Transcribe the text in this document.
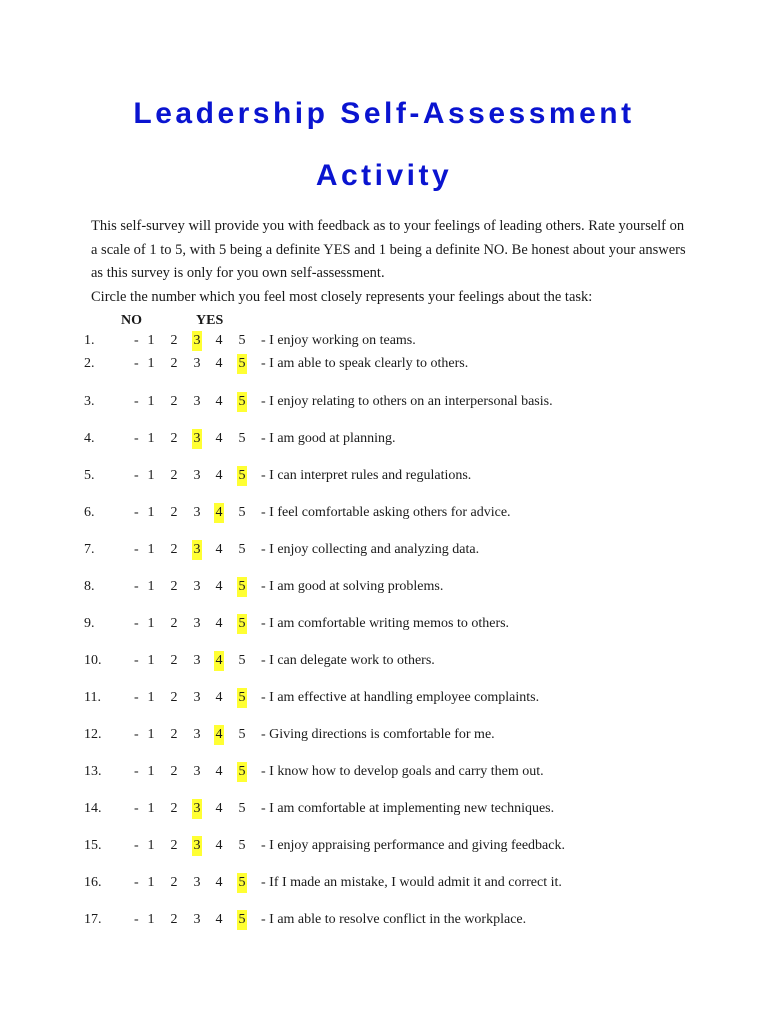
Leadership Self-Assessment
Activity

This self-survey will provide you with feedback as to your feelings of leading others. Rate yourself on a scale of 1 to 5, with 5 being a definite YES and 1 being a definite NO. Be honest about your answers as this survey is only for you own self-assessment.

Circle the number which you feel most closely represents your feelings about the task:

NO	YES
1.	- 1 2 3 4 5 - I enjoy working on teams.
2.	- 1 2 3 4 5 - I am able to speak clearly to others.
3.	- 1 2 3 4 5 - I enjoy relating to others on an interpersonal basis.
4.	- 1 2 3 4 5 - I am good at planning.
5.	- 1 2 3 4 5 - I can interpret rules and regulations.
6.	- 1 2 3 4 5 - I feel comfortable asking others for advice.
7.	- 1 2 3 4 5 - I enjoy collecting and analyzing data.
8.	- 1 2 3 4 5 - I am good at solving problems.
9.	- 1 2 3 4 5 - I am comfortable writing memos to others.
10. - 1 2 3 4 5 - I can delegate work to others.
11. - 1 2 3 4 5 - I am effective at handling employee complaints.
12. - 1 2 3 4 5 - Giving directions is comfortable for me.
13. - 1 2 3 4 5 - I know how to develop goals and carry them out.
14. - 1 2 3 4 5 - I am comfortable at implementing new techniques.
15. - 1 2 3 4 5 - I enjoy appraising performance and giving feedback.
16. - 1 2 3 4 5 - If I made an mistake, I would admit it and correct it.
17. - 1 2 3 4 5 - I am able to resolve conflict in the workplace.
